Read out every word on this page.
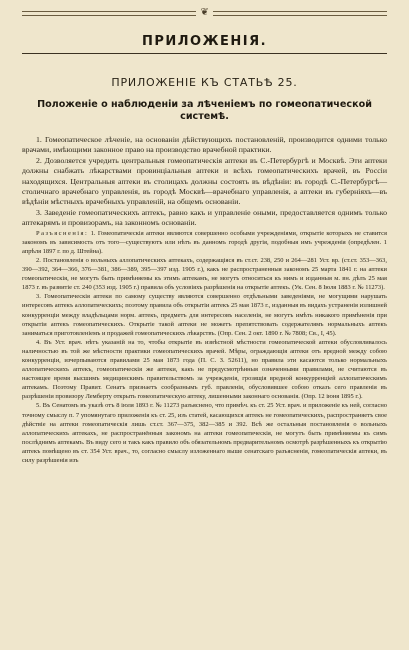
❦
ПРИЛОЖЕНІЯ.
ПРИЛОЖЕНІЕ КЪ СТАТЬѢ 25.
Положеніе о наблюденіи за лѣченіемъ по гомеопатической системѣ.

1. Гомеопатическое лѣченіе, на основаніи дѣйствующихъ постановленій, производится одними только врачами, имѣющими законное право на производство врачебной практики.

2. Дозволяется учредить центральныя гомеопатическія аптеки въ С.-Петербургѣ и Москвѣ. Эти аптеки должны снабжать лѣкарствами провинціальныя аптеки и всѣхъ гомеопатическихъ врачей, въ Россіи находящихся. Центральныя аптеки въ столицахъ должны состоять въ вѣдѣніи: въ городѣ С.-Петербургѣ—столичнаго врачебнаго управленія, въ городѣ Москвѣ—врачебнаго управленія, а аптеки въ губерніяхъ—въ вѣдѣніи мѣстныхъ врачебныхъ управленій, на общемъ основаніи.

3. Заведеніе гомеопатическихъ аптекъ, равно какъ и управленіе оными, предоставляется однимъ только аптекарямъ и провизорамъ, на законномъ основаніи.

Разъясненія: 1. Гомеопатическія аптеки являются совершенно особыми учрежденіями, открытіе которыхъ не ставится закономъ въ зависимость отъ того—существуютъ или нѣтъ въ данномъ городѣ другія, подобныя имъ учрежденія (опредѣлен. 1 апрѣля 1897 г. по д. Штейна).

2. Постановленія о вольныхъ аллопатическихъ аптекахъ, содержащіяся въ ст.ст. 238, 250 и 264—281 Уст. вр. (ст.ст. 353—363, 390—392, 364—366, 376—381, 386—389, 395—397 изд. 1905 г.), какъ не распространенныя закономъ 25 марта 1841 г. на аптеки гомеопатическія, не могутъ быть примѣняемы къ этимъ аптекамъ, не могутъ относиться къ нимъ и изданныя м. вн. дѣлъ 25 мая 1873 г. въ развитіе ст. 240 (353 изд. 1905 г.) правила объ условіяхъ разрѣшенія на открытіе аптекъ. (Ук. Сен. 8 Іюля 1883 г. № 11273).

3. Гомеопатическія аптеки по самому существу являются совершенно отдѣльными заведеніями, не могущими нарушать интересовъ аптекъ аллопатическихъ; поэтому правила объ открытіи аптекъ 25 мая 1873 г., изданныя въ видахъ устраненія излишней конкурренціи между владѣльцами норм. аптекъ, предметъ для интересовъ населенія, не могутъ имѣть никакого примѣненія при открытіи аптекъ гомеопатическихъ. Открытіе такой аптеки не можетъ препятствовать содержателямъ нормальныхъ аптекъ заниматься приготовленіемъ и продажей гомеопатическихъ лѣкарствъ. (Опр. Сен. 2 окт. 1890 г. № 7808; Св., І, 45).

4. Въ Уст. врач. нѣтъ указаній на то, чтобы открытіе въ извѣстной мѣстности гомеопатической аптеки обусловливалось наличностью въ той же мѣстности практики гомеопатическихъ врачей. Мѣры, ограждающія аптеки отъ вредной между собою конкурренціи, изчерпываются правилами 25 мая 1873 года (П. С. З. 52611), но правила эти касаются только нормальныхъ аллопатическихъ аптекъ, гомеопатическія же аптеки, какъ не предусмотрѣнныя означенными правилами, не считаются въ настоящее время высшимъ медицинскимъ правительствомъ за учрежденія, грозящія вредной конкурренціей аллопатическимъ аптекамъ. Поэтому Правит. Сенатъ признаетъ сообразнымъ губ. правленія, обусловившее собою отказъ сего правленія въ разрѣшеніи провизору Лемберту открыть гомеопатическую аптеку, лишенными законнаго основанія. (Опр. 12 іюня 1895 г.).

5. Въ Сенатомъ въ указѣ отъ 8 іюля 1893 г. № 11273 разъяснено, что примѣч. къ ст. 25 Уст. врач. и приложеніе къ ней, согласно точному смыслу п. 7 упомянутаго приложенія къ ст. 25, изъ статей, касающихся аптекъ не гомеопатическихъ, распространяетъ свое дѣйствіе на аптеки гомеопатическія лишь ст.ст. 367—375, 382—385 и 392. Всѣ же остальныя постановленія о вольныхъ аллопатическихъ аптекахъ, не распространённыя закономъ на аптеки гомеопатическія, не могутъ быть примѣняемы къ симъ послѣднимъ аптекамъ. Въ виду сего и такъ какъ правило объ обязательномъ предварительномъ осмотрѣ разрѣшенныхъ къ открытію аптекъ помѣщено въ ст. 354 Уст. врач., то, согласно смыслу изложеннаго выше сенатскаго разъясненія, гомеопатическія аптеки, въ силу разрѣшенія изъ
